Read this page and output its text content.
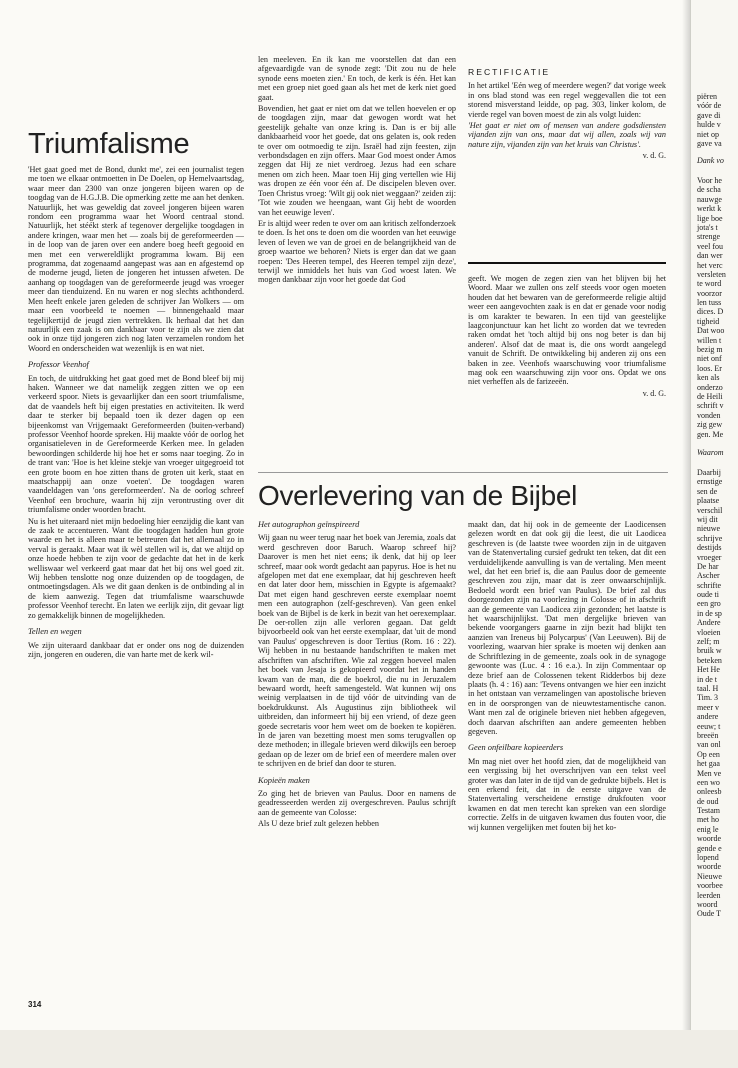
Triumfalisme

'Het gaat goed met de Bond, dunkt me', zei een journalist tegen me toen we elkaar ontmoetten in De Doelen, op Hemelvaartsdag, waar meer dan 2300 van onze jongeren bijeen waren op de toogdag van de H.G.J.B. Die opmerking zette me aan het denken. Natuurlijk, het was geweldig dat zoveel jongeren bijeen waren rondom een programma waar het Woord centraal stond. Natuurlijk, het stéékt sterk af tegenover dergelijke toogdagen in andere kringen, waar men het — zoals bij de gereformeerden — in de loop van de jaren over een andere boeg heeft gegooid en men met een verwereldlijkt programma kwam. Bij een programma, dat zogenaamd aangepast was aan en afgestemd op de moderne jeugd, lieten de jongeren het intussen afweten. De aanhang op toogdagen van de gereformeerde jeugd was vroeger meer dan tienduizend. En nu waren er nog slechts achthonderd. Men heeft enkele jaren geleden de schrijver Jan Wolkers — om maar een voorbeeld te noemen — binnengehaald maar tegelijkertijd de jeugd zien vertrekken. Ik herhaal dat het dan natuurlijk een zaak is om dankbaar voor te zijn als we zien dat ook in onze tijd jongeren zich nog laten verzamelen rondom het Woord en onderscheiden wat wezenlijk is en wat niet.

Professor Veenhof

En toch, de uitdrukking het gaat goed met de Bond bleef bij mij haken. Wanneer we dat namelijk zeggen zitten we op een verkeerd spoor. Niets is gevaarlijker dan een soort triumfalisme, dat de vaandels heft bij eigen prestaties en activiteiten. Ik werd daar te sterker bij bepaald toen ik dezer dagen op een bijeenkomst van Vrijgemaakt Gereformeerden (buiten-verband) professor Veenhof hoorde spreken. Hij maakte vóór de oorlog het organisatieleven in de Gereformeerde Kerken mee. In geladen bewoordingen schilderde hij hoe het er soms naar toeging. Zo in de trant van: 'Hoe is het kleine stekje van vroeger uitgegroeid tot een grote boom en hoe zitten thans de groten uit kerk, staat en maatschappij aan onze voeten'. De toogdagen waren vaandeldagen van 'ons gereformeerden'. Na de oorlog schreef Veenhof een brochure, waarin hij zijn verontrusting over dit triumfalisme onder woorden bracht.

Nu is het uiteraard niet mijn bedoeling hier eenzijdig die kant van de zaak te accentueren. Want die toogdagen hadden hun grote waarde en het is alleen maar te betreuren dat het allemaal zo in verval is geraakt. Maar wat ik wèl stellen wil is, dat we altijd op onze hoede hebben te zijn voor de gedachte dat het in de kerk welliswaar wel verkeerd gaat maar dat het bij ons wel goed zit. Wij hebben tenslotte nog onze duizenden op de toogdagen, de ontmoetingsdagen. Als we dit gaan denken is de ontbinding al in de kiem aanwezig. Tegen dat triumfalisme waarschuwde professor Veenhof terecht. En laten we eerlijk zijn, dit gevaar ligt zo gemakkelijk binnen de mogelijkheden.

Tellen en wegen

We zijn uiteraard dankbaar dat er onder ons nog de duizenden zijn, jongeren en ouderen, die van harte met de kerk wil-

314

len meeleven. En ik kan me voorstellen dat dan een afgevaardigde van de synode zegt: 'Dit zou nu de hele synode eens moeten zien.' En toch, de kerk is één. Het kan met een groep niet goed gaan als het met de kerk niet goed gaat.

Bovendien, het gaat er niet om dat we tellen hoevelen er op de toogdagen zijn, maar dat gewogen wordt wat het geestelijk gehalte van onze kring is. Dan is er bij alle dankbaarheid voor het goede, dat ons gelaten is, ook reden te over om ootmoedig te zijn. Israël had zijn feesten, zijn verbondsdagen en zijn offers. Maar God moest onder Amos zeggen dat Hij ze niet verdroeg. Jezus had een schare menen om zich heen. Maar toen Hij ging vertellen wie Hij was dropen ze één voor één af. De discipelen bleven over. Toen Christus vroeg: 'Wilt gij ook niet weggaan?' zeiden zij: 'Tot wie zouden we heengaan, want Gij hebt de woorden van het eeuwige leven'.

Er is altijd weer reden te over om aan kritisch zelfonderzoek te doen. Is het ons te doen om die woorden van het eeuwige leven of leven we van de groei en de belangrijkheid van de groep waartoe we behoren? Niets is erger dan dat we gaan roepen: 'Des Heeren tempel, des Heeren tempel zijn deze', terwijl we inmiddels het huis van God woest laten. We mogen dankbaar zijn voor het goede dat God

RECTIFICATIE

In het artikel 'Eén weg of meerdere wegen?' dat vorige week in ons blad stond was een regel weggevallen die tot een storend misverstand leidde, op pag. 303, linker kolom, de vierde regel van boven moest de zin als volgt luiden:

'Het gaat er niet om of mensen van andere godsdiensten vijanden zijn van ons, maar dat wij allen, zoals wij van nature zijn, vijanden zijn van het kruis van Christus'.

v. d. G.

geeft. We mogen de zegen zien van het blijven bij het Woord. Maar we zullen ons zelf steeds voor ogen moeten houden dat het bewaren van de gereformeerde religie altijd weer een aangevochten zaak is en dat er genade voor nodig is om karakter te bewaren. In een tijd van geestelijke laagconjunctuur kan het licht zo worden dat we tevreden raken omdat het 'toch altijd bij ons nog beter is dan bij anderen'. Alsof dat de maat is, die ons wordt aangelegd vanuit de Schrift. De ontwikkeling bij anderen zij ons een baken in zee. Veenhofs waarschuwing voor triumfalisme mag ook een waarschuwing zijn voor ons. Opdat we ons niet verheffen als de farizeeën.

v. d. G.
Overlevering van de Bijbel
Het autographon geïnspireerd

Wij gaan nu weer terug naar het boek van Jeremia, zoals dat werd geschreven door Baruch. Waarop schreef hij? Daarover is men het niet eens; ik denk, dat hij op leer schreef, maar ook wordt gedacht aan papyrus. Hoe is het nu afgelopen met dat ene exemplaar, dat hij geschreven heeft en dat later door hem, misschien in Egypte is afgemaakt? Dat met eigen hand geschreven eerste exemplaar noemt men een autographon (zelf-geschreven). Van geen enkel boek van de Bijbel is de kerk in bezit van het oerexemplaar. De oer-rollen zijn alle verloren gegaan. Dat geldt bijvoorbeeld ook van het eerste exemplaar, dat 'uit de mond van Paulus' opgeschreven is door Tertius (Rom. 16 : 22). Wij hebben in nu bestaande handschriften te maken met afschriften van afschriften. Wie zal zeggen hoeveel malen het boek van Jesaja is gekopieerd voordat het in handen kwam van de man, die de boekrol, die nu in Jeruzalem bewaard wordt, heeft samengesteld. Wat kunnen wij ons weinig verplaatsen in de tijd vóór de uitvinding van de boekdrukkunst. Als Augustinus zijn bibliotheek wil uitbreiden, dan informeert hij bij een vriend, of deze geen goede secretaris voor hem weet om de boeken te kopiëren. In de jaren van bezetting moest men soms terugvallen op deze methoden; in illegale brieven werd dikwijls een beroep gedaan op de lezer om de brief een of meerdere malen over te schrijven en de brief dan door te sturen.

Kopieën maken

Zo ging het de brieven van Paulus. Door en namens de geadresseerden werden zij overgeschreven. Paulus schrijft aan de gemeente van Colosse:

Als U deze brief zult gelezen hebben

maakt dan, dat hij ook in de gemeente der Laodicensen gelezen wordt en dat ook gij die leest, die uit Laodicea geschreven is (de laatste twee woorden zijn in de uitgaven van de Statenvertaling cursief gedrukt ten teken, dat dit een verduidelijkende aanvulling is van de vertaling. Men meent wel, dat het een brief is, die aan Paulus door de gemeente geschreven zou zijn, maar dat is zeer onwaarschijnlijk. Bedoeld wordt een brief van Paulus). De brief zal dus doorgezonden zijn na voorlezing in Colosse of in afschrift aan de gemeente van Laodicea zijn gezonden; het laatste is het waarschijnlijkst. 'Dat men dergelijke brieven van bekende voorgangers gaarne in zijn bezit had blijkt ten aanzien van Ireneus bij Polycarpus' (Van Leeuwen). Bij de voorlezing, waarvan hier sprake is moeten wij denken aan de Schriftlezing in de gemeente, zoals ook in de synagoge gewoonte was (Luc. 4 : 16 e.a.). In zijn Commentaar op deze brief aan de Colossenen tekent Ridderbos bij deze plaats (h. 4 : 16) aan: 'Tevens ontvangen we hier een inzicht in het ontstaan van verzamelingen van apostolische brieven en in de oorsprongen van de nieuwtestamentische canon. Want men zal de originele brieven niet hebben afgegeven, doch daarvan afschriften aan andere gemeenten hebben gegeven.

Geen onfeilbare kopieerders

Mn mag niet over het hoofd zien, dat de mogelijkheid van een vergissing bij het overschrijven van een tekst veel groter was dan later in de tijd van de gedrukte bijbels. Het is een erkend feit, dat in de eerste uitgave van de Statenvertaling verscheidene ernstige drukfouten voor kwamen en dat men terecht kan spreken van een slordige correctie. Zelfs in de uitgaven kwamen dus fouten voor, die wij kunnen vergelijken met fouten bij het ko-

piëren
vóór de
gave di
hulde v
niet op
gave va
Dank vo
Voor he
de scha
nauwge
werkt k
lige boe
jota's t
strenge
veel fou
dan wer
het verc
versleten
te word
voorzor
len tuss
dices. D
tigheid
Dat woo
willen t
bezig m
niet onf
loos. Er
ken als
onderzo
de Heili
schrift v
vonden
zig gew
gen. Me
Waarom
Daarbij
ernstige
sen de
plaatse
verschil
wij dit
nieuwe
schrijve
destijds
vroeger
De har
Ascher
schrifte
oude ti
een gro
in de sp
Andere
vloeien
zelf; m
bruik w
beteken
Het He
in de t
taal. H
Tim. 3
meer v
andere
eeuw; t
breeën
van onl
Op een
het gaa
Men ve
een wo
onleesb
de oud
Testam
met ho
enig le
woorde
gende e
lopend
woorde
Nieuwe
voorbee
leerden
woord
Oude T
